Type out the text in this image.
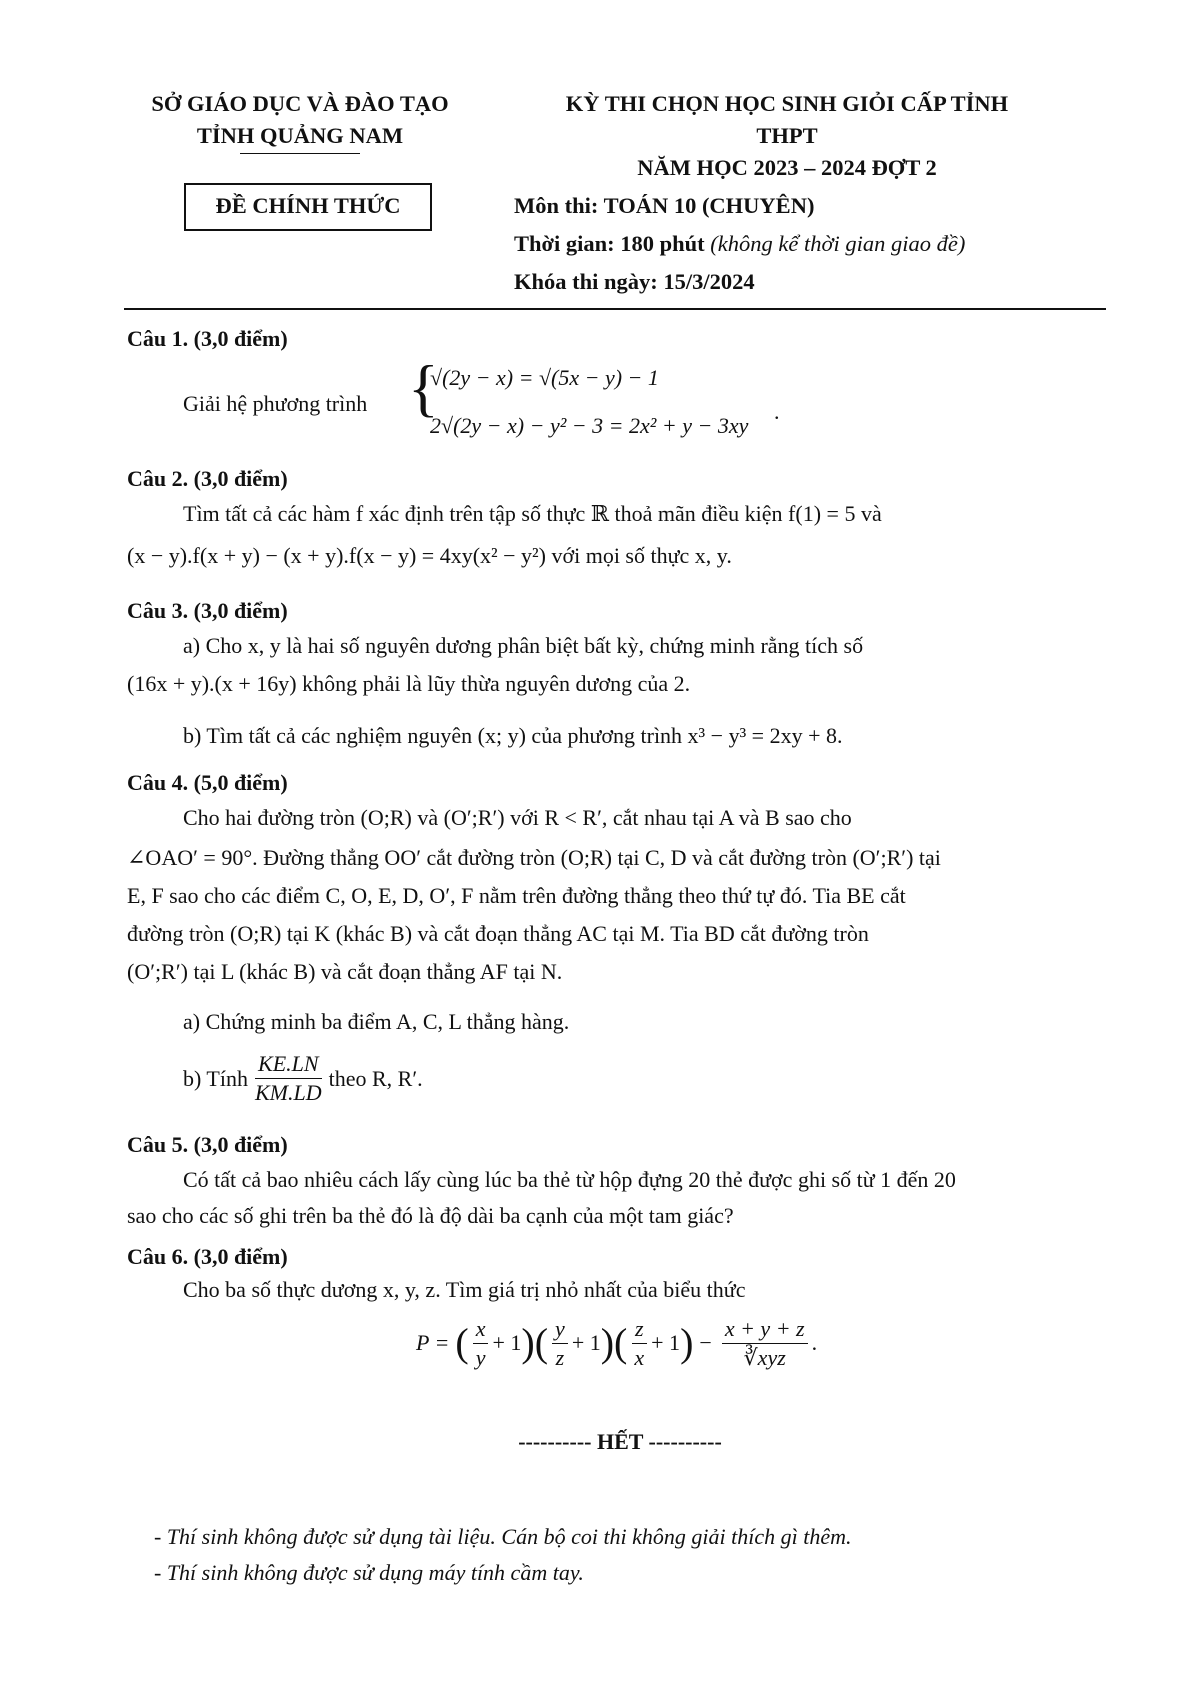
SỞ GIÁO DỤC VÀ ĐÀO TẠO
TỈNH QUẢNG NAM
ĐỀ CHÍNH THỨC
KỲ THI CHỌN HỌC SINH GIỎI CẤP TỈNH
THPT
NĂM HỌC 2023 – 2024 ĐỢT 2
Môn thi: TOÁN 10 (CHUYÊN)
Thời gian: 180 phút (không kể thời gian giao đề)
Khóa thi ngày: 15/3/2024
Câu 1. (3,0 điểm)
Giải hệ phương trình {
√(2y − x) = √(5x − y) − 1
2√(2y − x) − y² − 3 = 2x² + y − 3xy
.
Câu 2. (3,0 điểm)
Tìm tất cả các hàm f xác định trên tập số thực ℝ thoả mãn điều kiện f(1) = 5 và
(x − y).f(x + y) − (x + y).f(x − y) = 4xy(x² − y²) với mọi số thực x, y.
Câu 3. (3,0 điểm)
a) Cho x, y là hai số nguyên dương phân biệt bất kỳ, chứng minh rằng tích số
(16x + y).(x + 16y) không phải là lũy thừa nguyên dương của 2.
b) Tìm tất cả các nghiệm nguyên (x; y) của phương trình x³ − y³ = 2xy + 8.
Câu 4. (5,0 điểm)
Cho hai đường tròn (O;R) và (O′;R′) với R < R′, cắt nhau tại A và B sao cho
∠OAO′ = 90°. Đường thẳng OO′ cắt đường tròn (O;R) tại C, D và cắt đường tròn (O′;R′) tại
E, F sao cho các điểm C, O, E, D, O′, F nằm trên đường thẳng theo thứ tự đó. Tia BE cắt
đường tròn (O;R) tại K (khác B) và cắt đoạn thẳng AC tại M. Tia BD cắt đường tròn
(O′;R′) tại L (khác B) và cắt đoạn thẳng AF tại N.
a) Chứng minh ba điểm A, C, L thẳng hàng.
b) Tính $\frac{KE.LN}{KM.LD}$ theo R, R′.
Câu 5. (3,0 điểm)
Có tất cả bao nhiêu cách lấy cùng lúc ba thẻ từ hộp đựng 20 thẻ được ghi số từ 1 đến 20
sao cho các số ghi trên ba thẻ đó là độ dài ba cạnh của một tam giác?
Câu 6. (3,0 điểm)
Cho ba số thực dương x, y, z. Tìm giá trị nhỏ nhất của biểu thức
P = ( $\frac{x}{y} + 1$ )( $\frac{y}{z} + 1$ )( $\frac{z}{x} + 1$ ) − $\frac{x + y + z}{\text{∛xyz}}$ .
---------- HẾT ----------
- Thí sinh không được sử dụng tài liệu. Cán bộ coi thi không giải thích gì thêm.
- Thí sinh không được sử dụng máy tính cầm tay.
